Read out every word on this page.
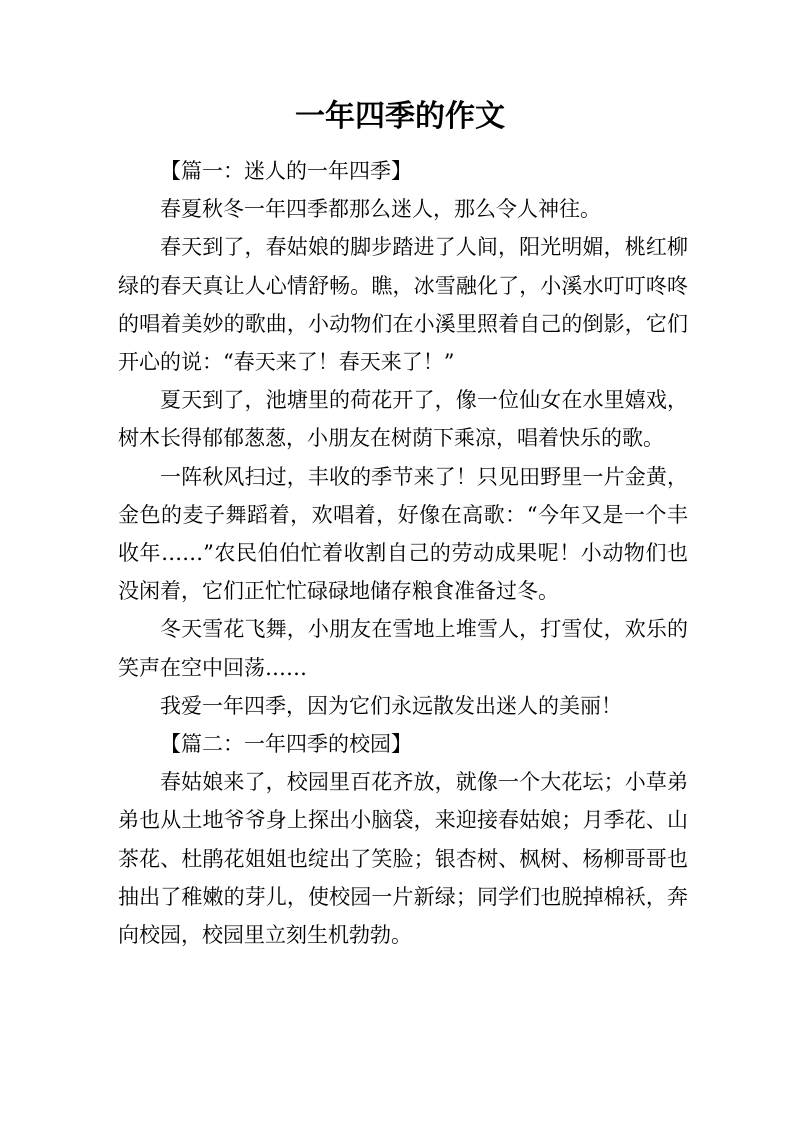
一年四季的作文

【篇一：迷人的一年四季】

春夏秋冬一年四季都那么迷人，那么令人神往。

春天到了，春姑娘的脚步踏进了人间，阳光明媚，桃红柳绿的春天真让人心情舒畅。瞧，冰雪融化了，小溪水叮叮咚咚的唱着美妙的歌曲，小动物们在小溪里照着自己的倒影，它们开心的说：“春天来了！春天来了！”

夏天到了，池塘里的荷花开了，像一位仙女在水里嬉戏，树木长得郁郁葱葱，小朋友在树荫下乘凉，唱着快乐的歌。

一阵秋风扫过，丰收的季节来了！只见田野里一片金黄，金色的麦子舞蹈着，欢唱着，好像在高歌：“今年又是一个丰收年……”农民伯伯忙着收割自己的劳动成果呢！小动物们也没闲着，它们正忙忙碌碌地储存粮食准备过冬。

冬天雪花飞舞，小朋友在雪地上堆雪人，打雪仗，欢乐的笑声在空中回荡……

我爱一年四季，因为它们永远散发出迷人的美丽！

【篇二：一年四季的校园】

春姑娘来了，校园里百花齐放，就像一个大花坛；小草弟弟也从土地爷爷身上探出小脑袋，来迎接春姑娘；月季花、山茶花、杜鹃花姐姐也绽出了笑脸；银杏树、枫树、杨柳哥哥也抽出了稚嫩的芽儿，使校园一片新绿；同学们也脱掉棉袄，奔向校园，校园里立刻生机勃勃。
